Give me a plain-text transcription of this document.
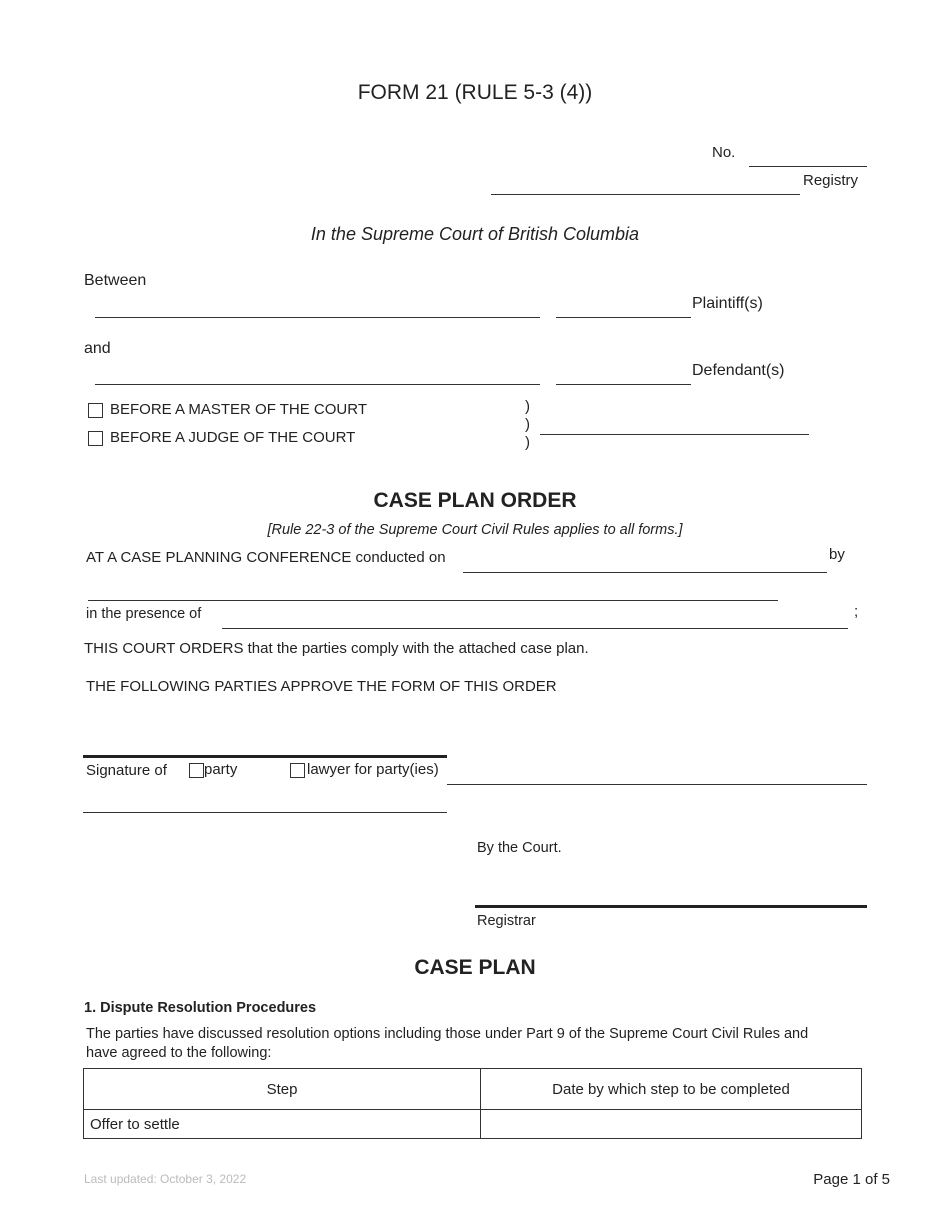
FORM 21 (RULE 5-3 (4))
No.
Registry
In the Supreme Court of British Columbia
Between
Plaintiff(s)
and
Defendant(s)
BEFORE A MASTER OF THE COURT
BEFORE A JUDGE OF THE COURT
)
)
)
CASE PLAN ORDER
[Rule 22-3 of the Supreme Court Civil Rules applies to all forms.]
AT A CASE PLANNING CONFERENCE conducted on	by
in the presence of	;
THIS COURT ORDERS that the parties comply with the attached case plan.
THE FOLLOWING PARTIES APPROVE THE FORM OF THIS ORDER
Signature of party	lawyer for party(ies)
By the Court.
Registrar
CASE PLAN
1. Dispute Resolution Procedures
The parties have discussed resolution options including those under Part 9 of the Supreme Court Civil Rules and
have agreed to the following:
Step	Date by which step to be completed
Offer to settle	
Last updated: October 3, 2022	Page 1 of 5
